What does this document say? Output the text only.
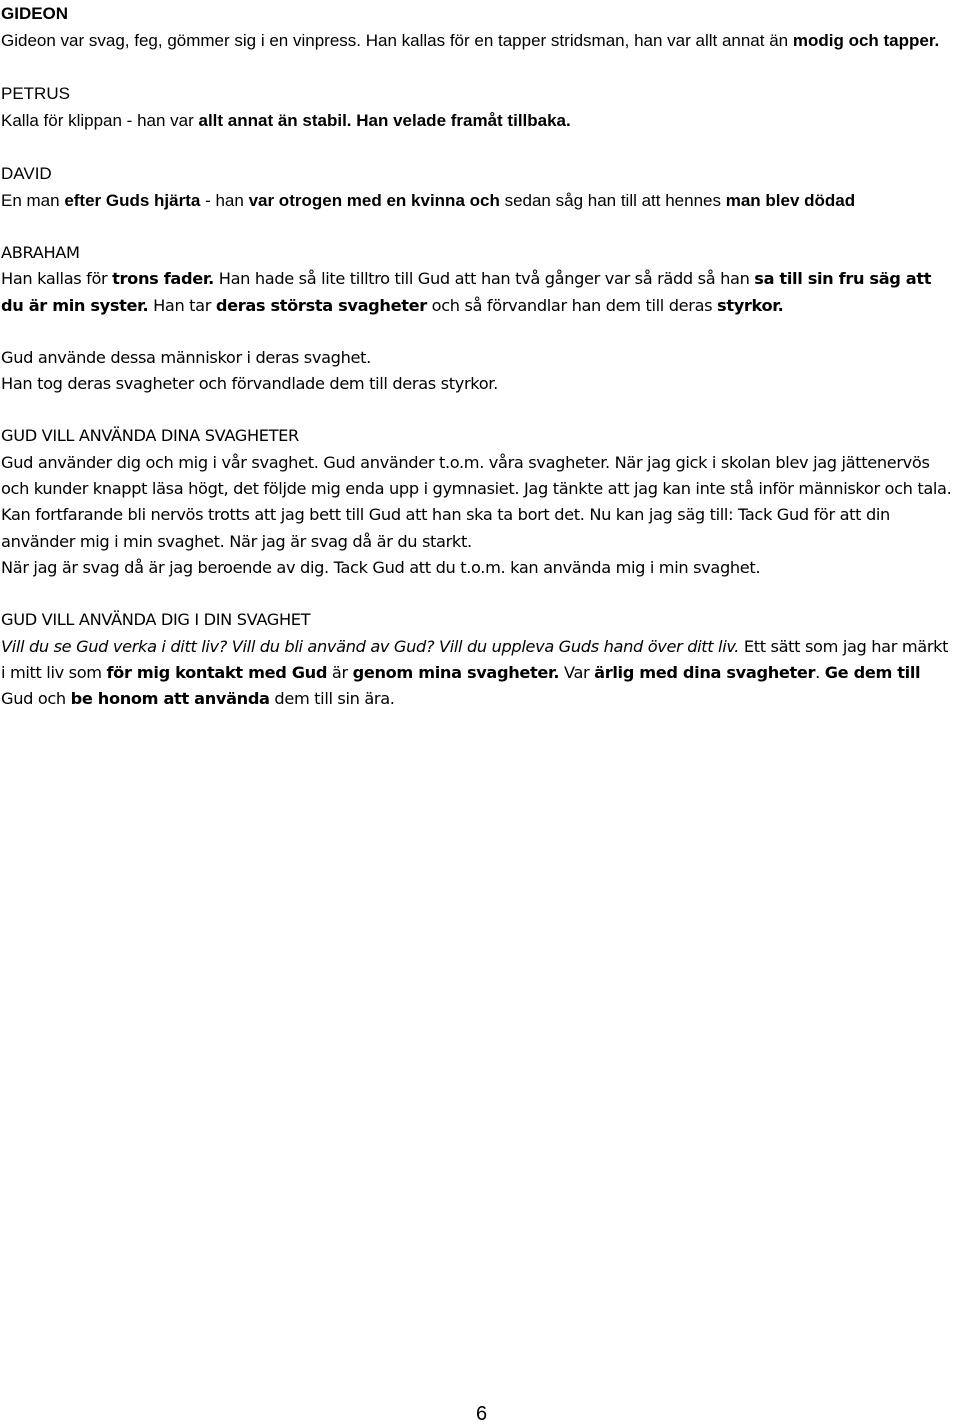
GIDEON
Gideon var svag, feg, gömmer sig i en vinpress. Han kallas för en tapper stridsman, han var allt annat än modig och tapper.
PETRUS
Kalla för klippan - han var allt annat än stabil. Han velade framåt tillbaka.
DAVID
En man efter Guds hjärta - han var otrogen med en kvinna och sedan såg han till att hennes man blev dödad
ABRAHAM
Han kallas för trons fader. Han hade så lite tilltro till Gud att han två gånger var så rädd så han sa till sin fru säg att du är min syster. Han tar deras största svagheter och så förvandlar han dem till deras styrkor.
Gud använde dessa människor i deras svaghet.
Han tog deras svagheter och förvandlade dem till deras styrkor.
GUD VILL ANVÄNDA DINA SVAGHETER
Gud använder dig och mig i vår svaghet. Gud använder t.o.m. våra svagheter. När jag gick i skolan blev jag jättenervös och kunder knappt läsa högt, det följde mig enda upp i gymnasiet. Jag tänkte att jag kan inte stå inför människor och tala. Kan fortfarande bli nervös trotts att jag bett till Gud att han ska ta bort det. Nu kan jag säg till: Tack Gud för att din använder mig i min svaghet. När jag är svag då är du starkt.
När jag är svag då är jag beroende av dig. Tack Gud att du t.o.m. kan använda mig i min svaghet.
GUD VILL ANVÄNDA DIG I DIN SVAGHET
Vill du se Gud verka i ditt liv? Vill du bli använd av Gud? Vill du uppleva Guds hand över ditt liv. Ett sätt som jag har märkt i mitt liv som för mig kontakt med Gud är genom mina svagheter. Var ärlig med dina svagheter. Ge dem till Gud och be honom att använda dem till sin ära.
6
